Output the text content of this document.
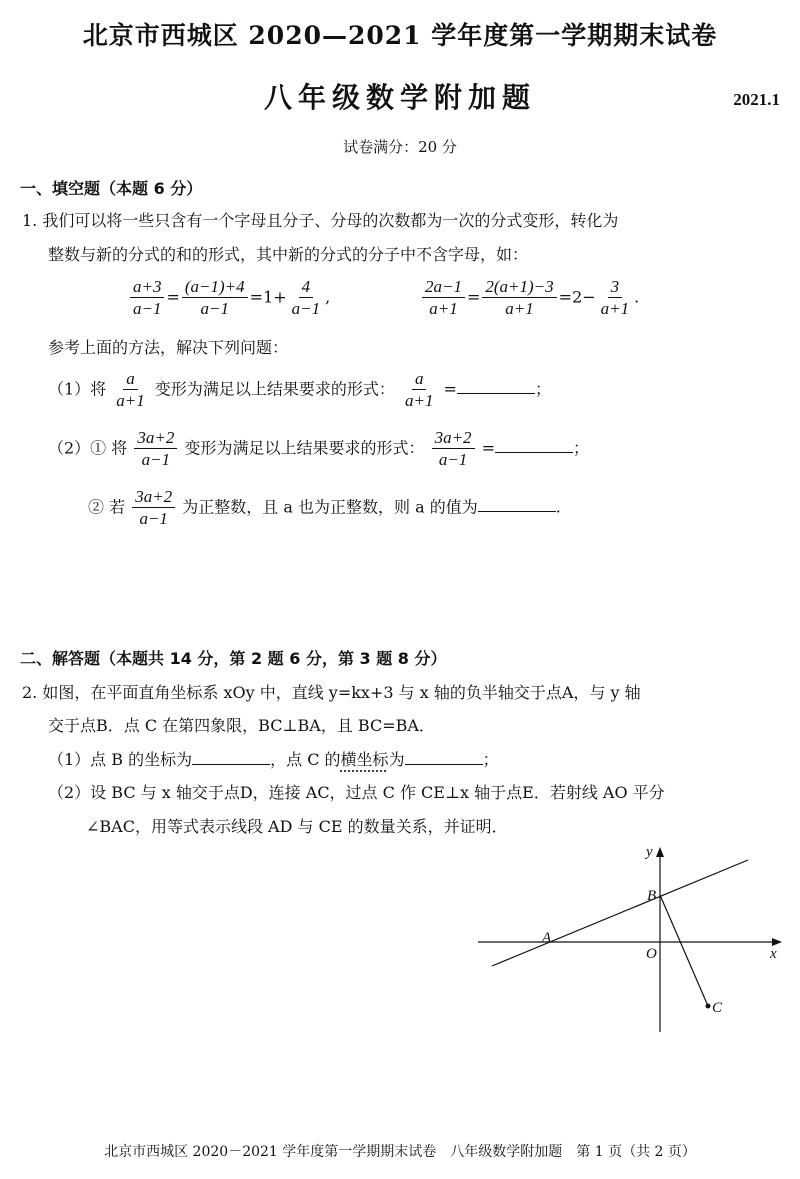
北京市西城区 2020—2021 学年度第一学期期末试卷
八年级数学附加题	2021.1
试卷满分：20 分
一、填空题（本题 6 分）
1. 我们可以将一些只含有一个字母且分子、分母的次数都为一次的分式变形，转化为
整数与新的分式的和的形式，其中新的分式的分子中不含字母，如：
$\frac{a+3}{a-1} = \frac{(a-1)+4}{a-1} =1+ \frac{4}{a-1}$ ,	$\frac{2a-1}{a+1} = \frac{2(a+1)-3}{a+1} =2- \frac{3}{a+1}$ .
参考上面的方法，解决下列问题：
（1）将 $\frac{a}{a+1}$ 变形为满足以上结果要求的形式： $\frac{a}{a+1}$ =	；
（2）① 将 $\frac{3a+2}{a-1}$ 变形为满足以上结果要求的形式： $\frac{3a+2}{a-1}$ =	；
② 若 $\frac{3a+2}{a-1}$ 为正整数，且 a 也为正整数，则 a 的值为	.
二、解答题（本题共 14 分，第 2 题 6 分，第 3 题 8 分）
2. 如图，在平面直角坐标系 xOy 中，直线 y=kx+3 与 x 轴的负半轴交于点A，与 y 轴
交于点B．点 C 在第四象限，BC⊥BA，且 BC=BA．
（1）点 B 的坐标为	，点 C 的横坐标为	；
（2）设 BC 与 x 轴交于点D，连接 AC，过点 C 作 CE⊥x 轴于点E．若射线 AO 平分
∠BAC，用等式表示线段 AD 与 CE 的数量关系，并证明．
y
x
O
A
B
C
北京市西城区 2020－2021 学年度第一学期期末试卷　八年级数学附加题　第 1 页（共 2 页）
